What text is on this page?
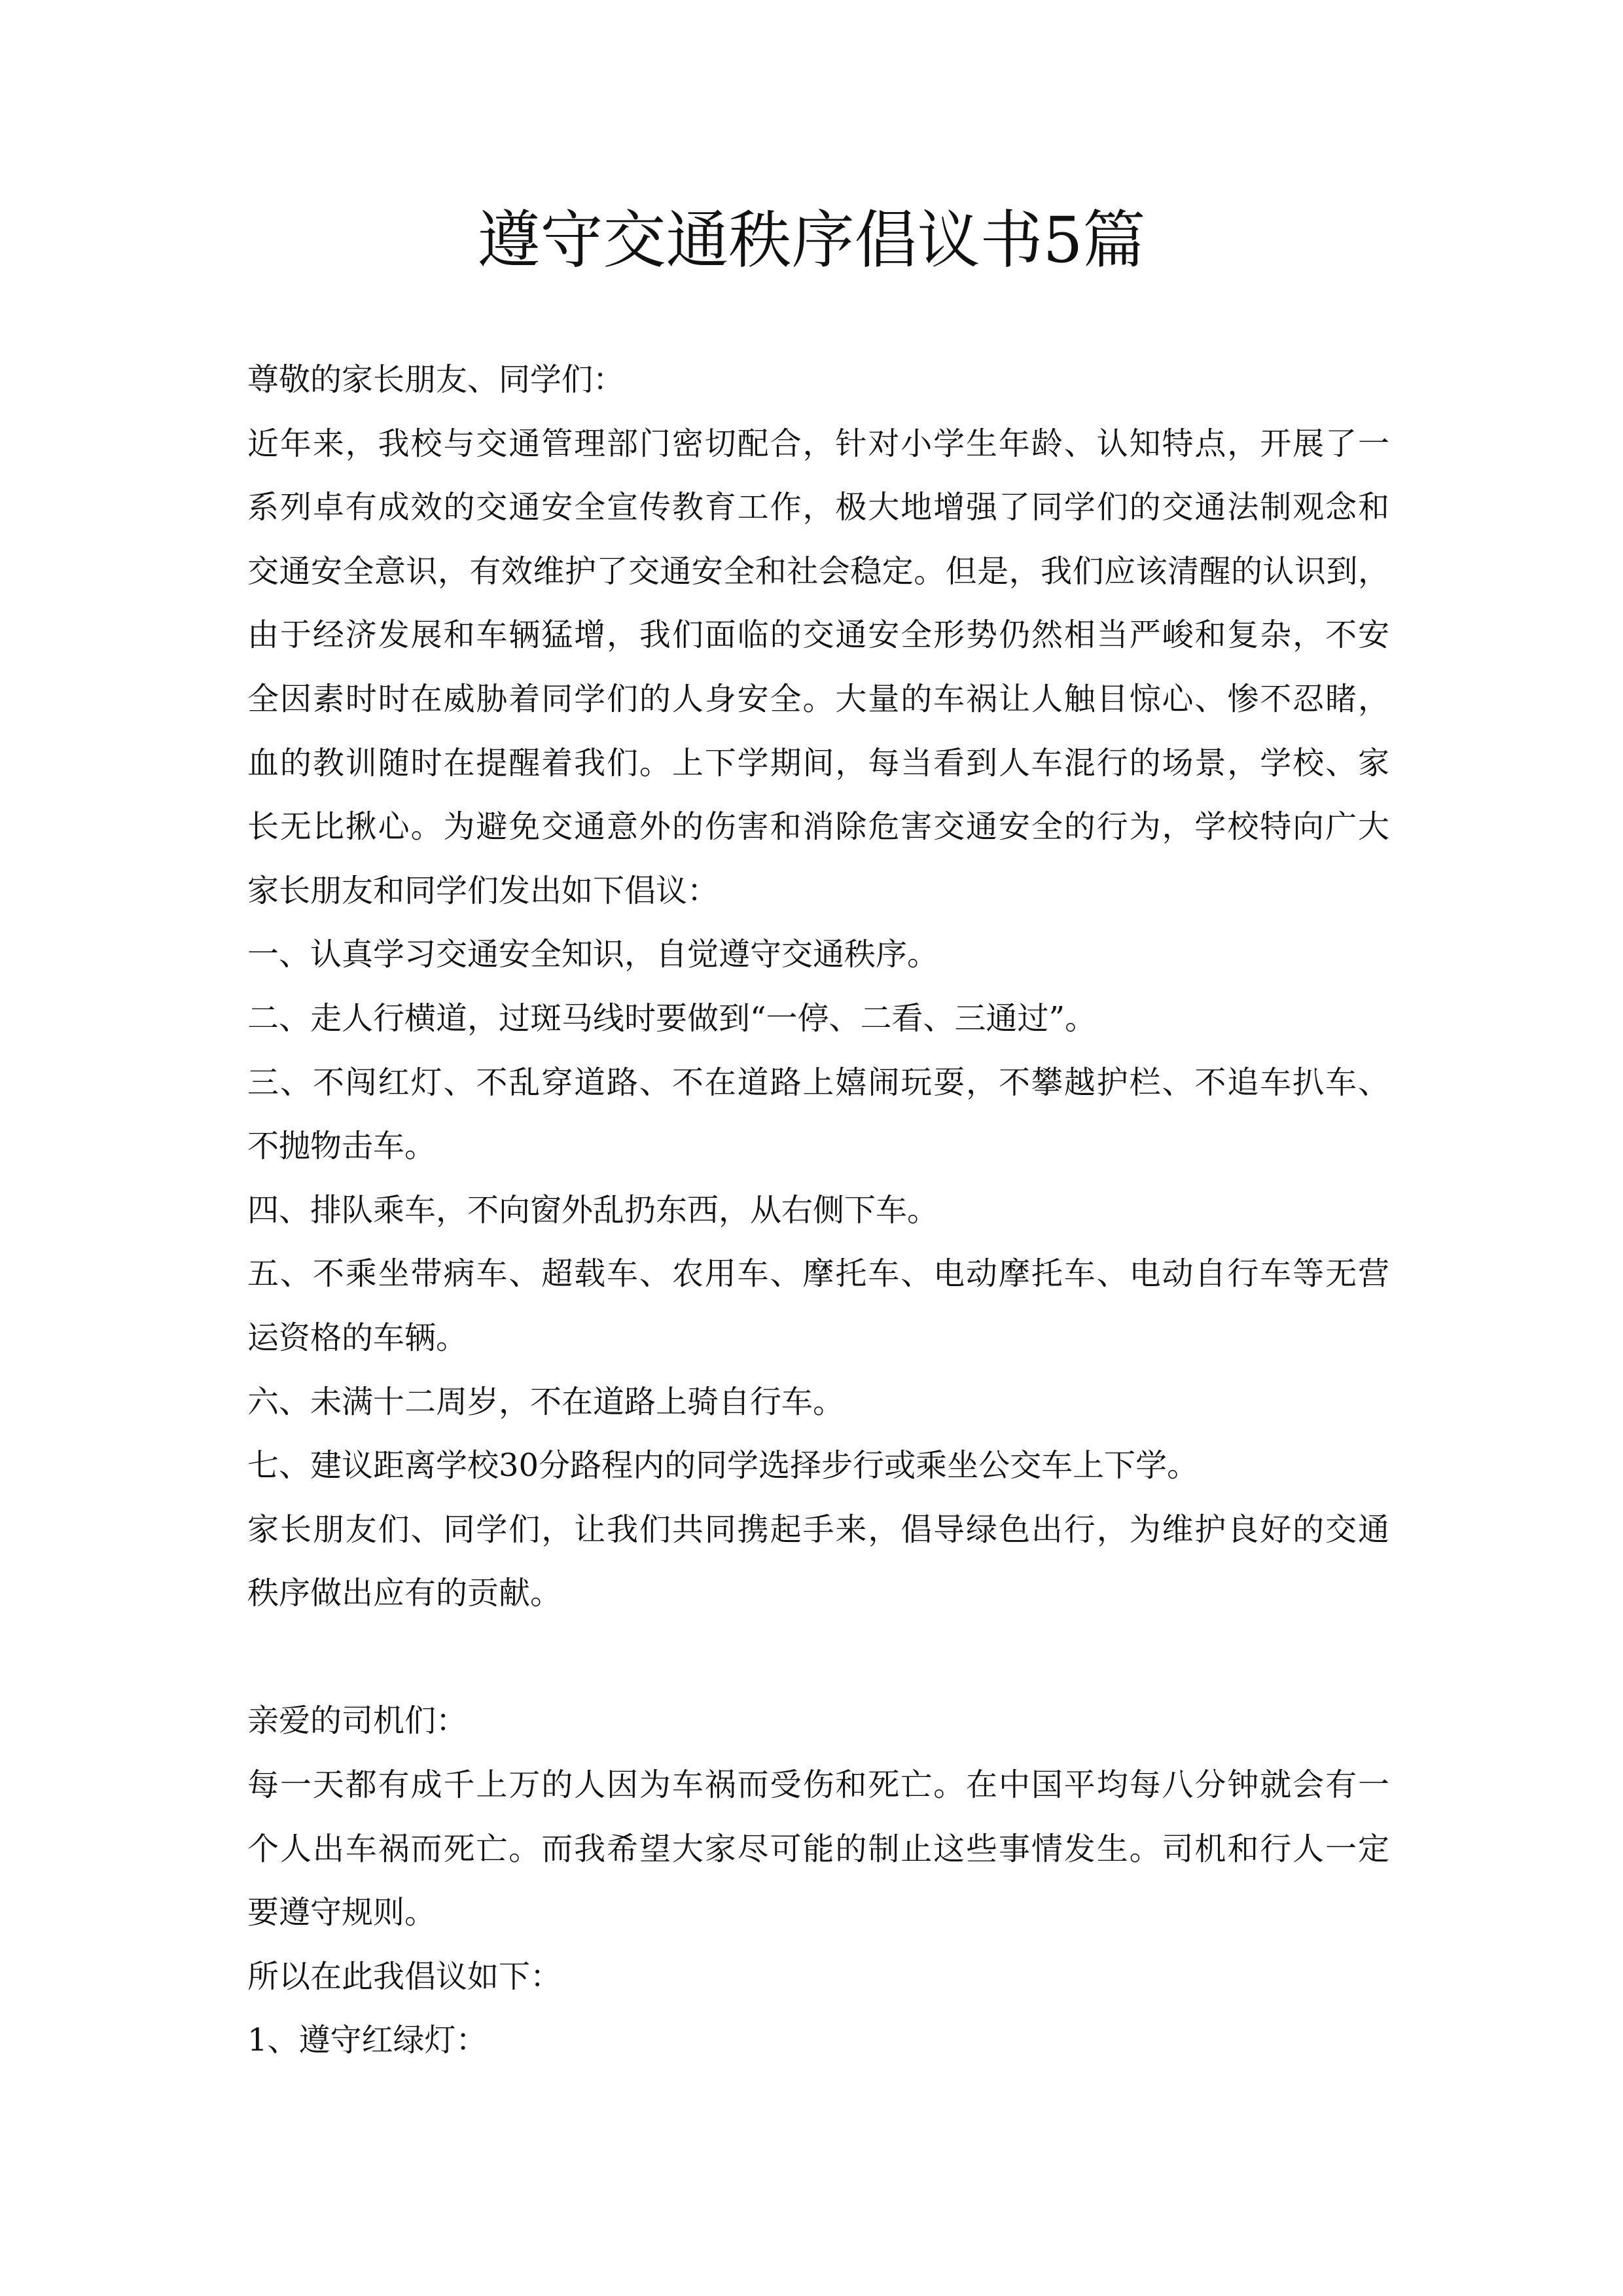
遵守交通秩序倡议书5篇
尊敬的家长朋友、同学们：
近年来，我校与交通管理部门密切配合，针对小学生年龄、认知特点，开展了一
系列卓有成效的交通安全宣传教育工作，极大地增强了同学们的交通法制观念和
交通安全意识，有效维护了交通安全和社会稳定。但是，我们应该清醒的认识到，
由于经济发展和车辆猛增，我们面临的交通安全形势仍然相当严峻和复杂，不安
全因素时时在威胁着同学们的人身安全。大量的车祸让人触目惊心、惨不忍睹，
血的教训随时在提醒着我们。上下学期间，每当看到人车混行的场景，学校、家
长无比揪心。为避免交通意外的伤害和消除危害交通安全的行为，学校特向广大
家长朋友和同学们发出如下倡议：
一、认真学习交通安全知识，自觉遵守交通秩序。
二、走人行横道，过斑马线时要做到“一停、二看、三通过”。
三、不闯红灯、不乱穿道路、不在道路上嬉闹玩耍，不攀越护栏、不追车扒车、
不抛物击车。
四、排队乘车，不向窗外乱扔东西，从右侧下车。
五、不乘坐带病车、超载车、农用车、摩托车、电动摩托车、电动自行车等无营
运资格的车辆。
六、未满十二周岁，不在道路上骑自行车。
七、建议距离学校30分路程内的同学选择步行或乘坐公交车上下学。
家长朋友们、同学们，让我们共同携起手来，倡导绿色出行，为维护良好的交通
秩序做出应有的贡献。
亲爱的司机们：
每一天都有成千上万的人因为车祸而受伤和死亡。在中国平均每八分钟就会有一
个人出车祸而死亡。而我希望大家尽可能的制止这些事情发生。司机和行人一定
要遵守规则。
所以在此我倡议如下：
1、遵守红绿灯：
